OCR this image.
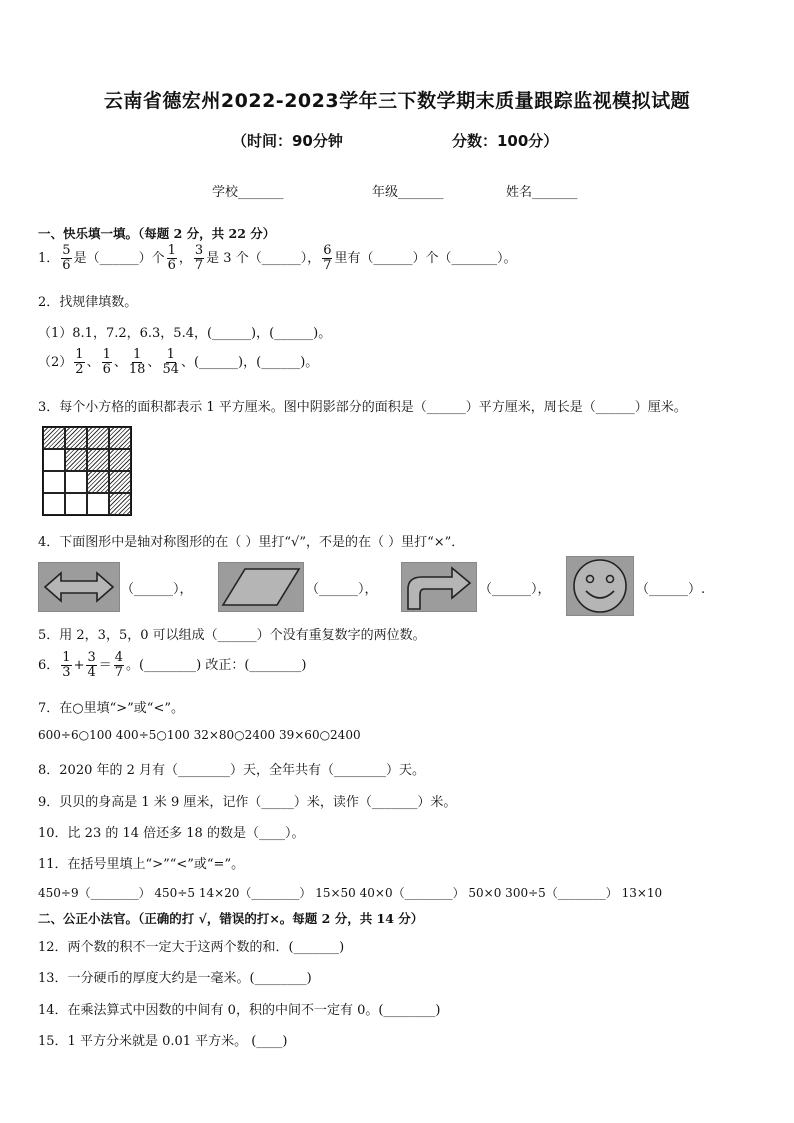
云南省德宏州2022-2023学年三下数学期末质量跟踪监视模拟试题
（时间：90分钟	分数：100分）
学校_______	年级_______	姓名_______
一、快乐填一填。（每题 2 分，共 22 分）
1． $\frac{5}{6}$ 是（______）个 $\frac{1}{6}$ ， $\frac{3}{7}$ 是 3 个（______）， $\frac{6}{7}$ 里有（______）个（_______）。
2．找规律填数。
（1）8.1，7.2，6.3，5.4，(______)，(______)。
$(2) \frac{1}{2}$ 、 $\frac{1}{6}$ 、 $\frac{1}{18}$ 、 $\frac{1}{54}$ 、(______)，(______)。
3．每个小方格的面积都表示 1 平方厘米。图中阴影部分的面积是（______）平方厘米，周长是（______）厘米。
4．下面图形中是轴对称图形的在（ ）里打“√”，不是的在（ ）里打“×”．
（______），	（______），	（______），	（______）.
5．用 2，3，5，0 可以组成（______）个没有重复数字的两位数。
6． $\frac{1}{3} + \frac{3}{4} = \frac{4}{7}$ 。(________) 改正：(________)
7．在○里填“>”或“<”。
600÷6○100 400÷5○100 32×80○2400 39×60○2400
8．2020 年的 2 月有（________）天，全年共有（________）天。
9．贝贝的身高是 1 米 9 厘米，记作（_____）米，读作（_______）米。
10．比 23 的 14 倍还多 18 的数是（____）。
11．在括号里填上“>”“<”或“=”。
450÷9（________） 450÷5 14×20（________） 15×50 40×0（________） 50×0 300÷5（________） 13×10
二、公正小法官。（正确的打 √，错误的打×。每题 2 分，共 14 分）
12．两个数的积不一定大于这两个数的和．(_______)
13．一分硬币的厚度大约是一毫米。(________)
14．在乘法算式中因数的中间有 0，积的中间不一定有 0。(________)
15．1 平方分米就是 0.01 平方米。 (____)
